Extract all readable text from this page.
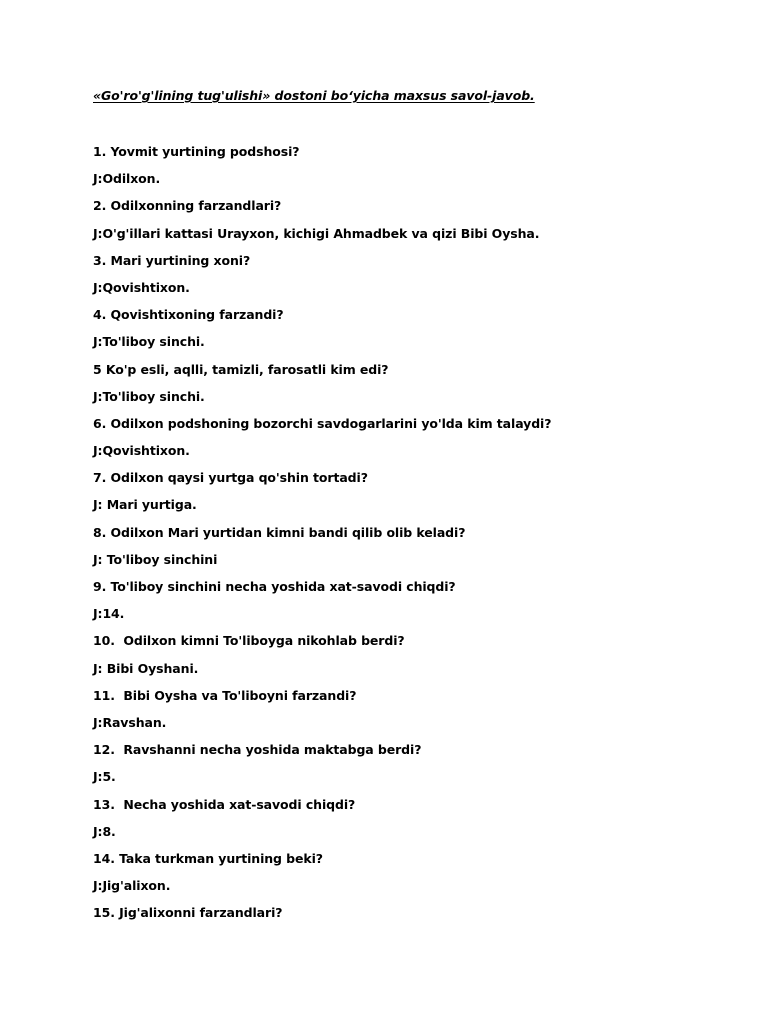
«Go'ro'g'lining tug'ulishi» dostoni bo‘yicha maxsus savol-javob.
1. Yovmit yurtining podshosi?
J:Odilxon.
2. Odilxonning farzandlari?
J:O'g'illari kattasi Urayxon, kichigi Ahmadbek va qizi Bibi Oysha.
3. Mari yurtining xoni?
J:Qovishtixon.
4. Qovishtixoning farzandi?
J:To'liboy sinchi.
5 Ko'p esli, aqlli, tamizli, farosatli kim edi?
J:To'liboy sinchi.
6. Odilxon podshoning bozorchi savdogarlarini yo'lda kim talaydi?
J:Qovishtixon.
7. Odilxon qaysi yurtga qo'shin tortadi?
J: Mari yurtiga.
8. Odilxon Mari yurtidan kimni bandi qilib olib keladi?
J: To'liboy sinchini
9. To'liboy sinchini necha yoshida xat-savodi chiqdi?
J:14.
10.  Odilxon kimni To'liboyga nikohlab berdi?
J: Bibi Oyshani.
11.  Bibi Oysha va To'liboyni farzandi?
J:Ravshan.
12.  Ravshanni necha yoshida maktabga berdi?
J:5.
13.  Necha yoshida xat-savodi chiqdi?
J:8.
14. Taka turkman yurtining beki?
J:Jig'alixon.
15. Jig'alixonni farzandlari?
